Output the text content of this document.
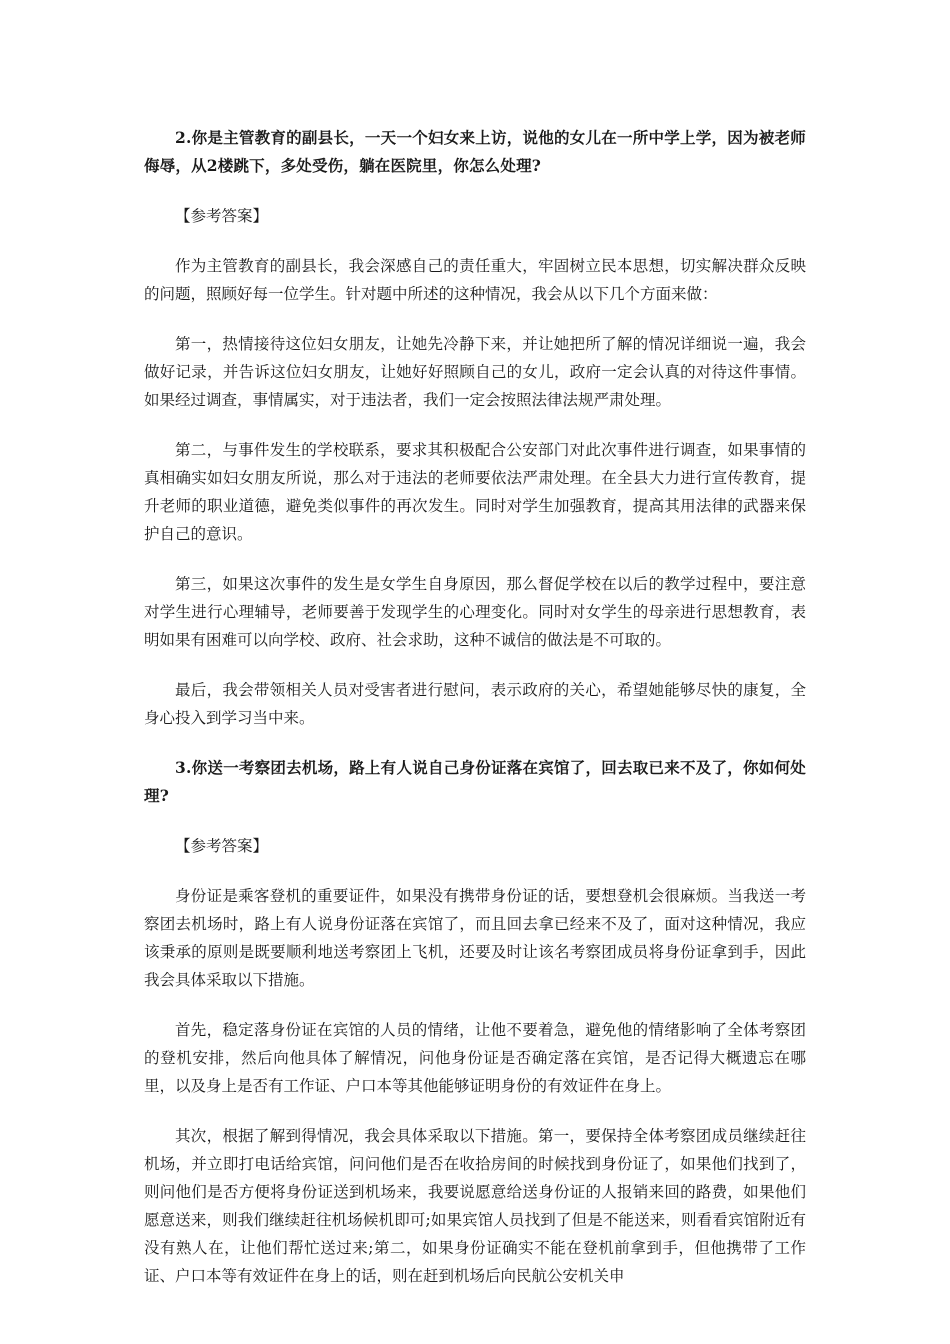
2.你是主管教育的副县长，一天一个妇女来上访，说他的女儿在一所中学上学，因为被老师侮辱，从2楼跳下，多处受伤，躺在医院里，你怎么处理?

【参考答案】

作为主管教育的副县长，我会深感自己的责任重大，牢固树立民本思想，切实解决群众反映的问题，照顾好每一位学生。针对题中所述的这种情况，我会从以下几个方面来做：

第一，热情接待这位妇女朋友，让她先冷静下来，并让她把所了解的情况详细说一遍，我会做好记录，并告诉这位妇女朋友，让她好好照顾自己的女儿，政府一定会认真的对待这件事情。如果经过调查，事情属实，对于违法者，我们一定会按照法律法规严肃处理。

第二，与事件发生的学校联系，要求其积极配合公安部门对此次事件进行调查，如果事情的真相确实如妇女朋友所说，那么对于违法的老师要依法严肃处理。在全县大力进行宣传教育，提升老师的职业道德，避免类似事件的再次发生。同时对学生加强教育，提高其用法律的武器来保护自己的意识。

第三，如果这次事件的发生是女学生自身原因，那么督促学校在以后的教学过程中，要注意对学生进行心理辅导，老师要善于发现学生的心理变化。同时对女学生的母亲进行思想教育，表明如果有困难可以向学校、政府、社会求助，这种不诚信的做法是不可取的。

最后，我会带领相关人员对受害者进行慰问，表示政府的关心，希望她能够尽快的康复，全身心投入到学习当中来。

3.你送一考察团去机场，路上有人说自己身份证落在宾馆了，回去取已来不及了，你如何处理?

【参考答案】

身份证是乘客登机的重要证件，如果没有携带身份证的话，要想登机会很麻烦。当我送一考察团去机场时，路上有人说身份证落在宾馆了，而且回去拿已经来不及了，面对这种情况，我应该秉承的原则是既要顺利地送考察团上飞机，还要及时让该名考察团成员将身份证拿到手，因此我会具体采取以下措施。

首先，稳定落身份证在宾馆的人员的情绪，让他不要着急，避免他的情绪影响了全体考察团的登机安排，然后向他具体了解情况，问他身份证是否确定落在宾馆，是否记得大概遗忘在哪里，以及身上是否有工作证、户口本等其他能够证明身份的有效证件在身上。

其次，根据了解到得情况，我会具体采取以下措施。第一，要保持全体考察团成员继续赶往机场，并立即打电话给宾馆，问问他们是否在收拾房间的时候找到身份证了，如果他们找到了，则问他们是否方便将身份证送到机场来，我要说愿意给送身份证的人报销来回的路费，如果他们愿意送来，则我们继续赶往机场候机即可;如果宾馆人员找到了但是不能送来，则看看宾馆附近有没有熟人在，让他们帮忙送过来;第二，如果身份证确实不能在登机前拿到手，但他携带了工作证、户口本等有效证件在身上的话，则在赶到机场后向民航公安机关申
